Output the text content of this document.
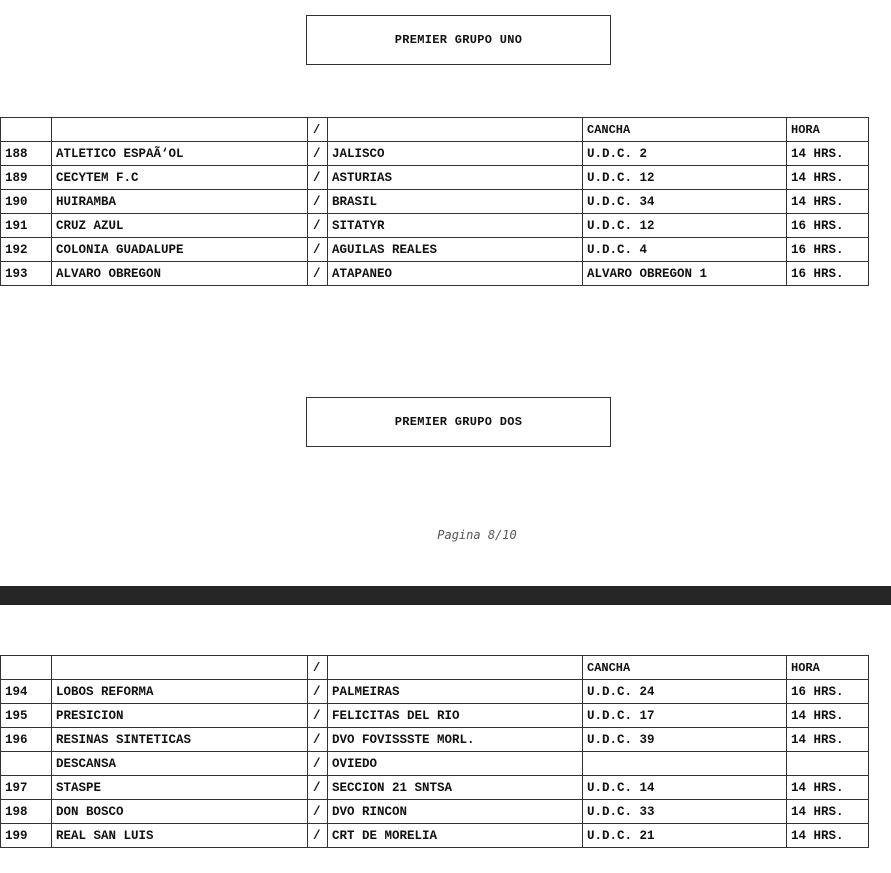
PREMIER GRUPO UNO
		/		CANCHA	HORA
188	ATLETICO ESPAÃ‘OL	/	JALISCO	U.D.C. 2	14 HRS.
189	CECYTEM F.C	/	ASTURIAS	U.D.C. 12	14 HRS.
190	HUIRAMBA	/	BRASIL	U.D.C. 34	14 HRS.
191	CRUZ AZUL	/	SITATYR	U.D.C. 12	16 HRS.
192	COLONIA GUADALUPE	/	AGUILAS REALES	U.D.C. 4	16 HRS.
193	ALVARO OBREGON	/	ATAPANEO	ALVARO OBREGON 1	16 HRS.
PREMIER GRUPO DOS
Pagina 8/10
		/		CANCHA	HORA
194	LOBOS REFORMA	/	PALMEIRAS	U.D.C. 24	16 HRS.
195	PRESICION	/	FELICITAS DEL RIO	U.D.C. 17	14 HRS.
196	RESINAS SINTETICAS	/	DVO FOVISSSTE MORL.	U.D.C. 39	14 HRS.
	DESCANSA	/	OVIEDO		
197	STASPE	/	SECCION 21 SNTSA	U.D.C. 14	14 HRS.
198	DON BOSCO	/	DVO RINCON	U.D.C. 33	14 HRS.
199	REAL SAN LUIS	/	CRT DE MORELIA	U.D.C. 21	14 HRS.
